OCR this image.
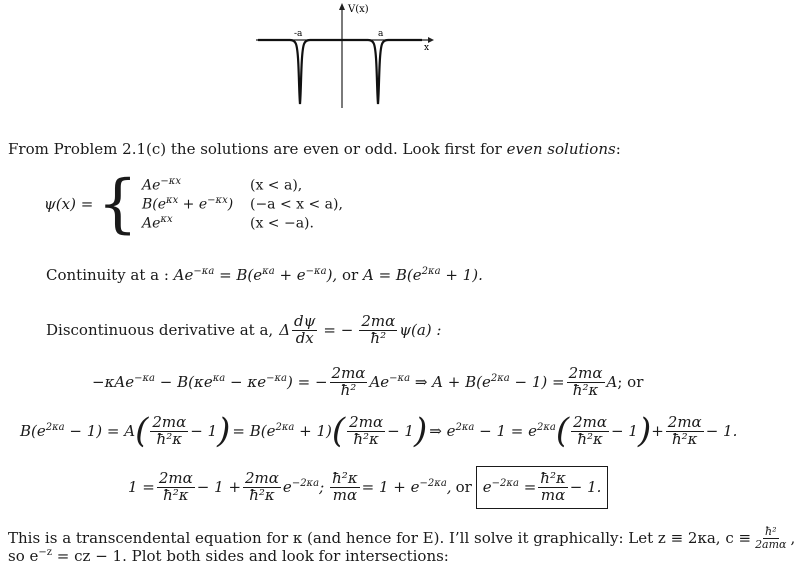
V(x)
x
-a	a
From Problem 2.1(c) the solutions are even or odd. Look first for even solutions:
ψ(x) = { $Ae^{-\kappa x}$	(x < a),
$B(e^{\kappa x} + e^{-\kappa x}) (-a < x < a)$,
$Ae^{\kappa x}$	(x < −a).
Continuity at a : $Ae^{-\kappa a} = B(e^{\kappa a} + e^{-\kappa a})$, or $A = B(e^{2\kappa a} + 1)$.
Discontinuous derivative at a, Δ $\frac{d\psi}{dx}$ = − $\frac{2m\alpha}{\text{ħ²}} \psi(a)$ :
$-\kappa Ae^{-\kappa a} - B(\kappa e^{\kappa a} - \kappa e^{-\kappa a})$ = − $\frac{2m\alpha}{\text{ħ²}} Ae^{-\kappa a}$ ⇒ $A + B(e^{2\kappa a} - 1) = \frac{2m\alpha}{\text{ħ²κ}}$ A ; or
$B(e^{2\kappa a} - 1) = A$ ( $\frac{2m\alpha}{\text{ħ²κ}} - 1$ ) = $B(e^{2\kappa a} + 1)$ ( $\frac{2m\alpha}{\text{ħ²κ}} - 1$ ) ⇒ $e^{2\kappa a} - 1 = e^{2\kappa a}$ ( $\frac{2m\alpha}{\text{ħ²κ}} - 1$ ) + $\frac{2m\alpha}{\text{ħ²κ}} - 1$.
$1 = \frac{2m\alpha}{\text{ħ²κ}} - 1 + \frac{2m\alpha}{\text{ħ²κ}} e^{-2\kappa a}$; $\frac{\text{ħ²κ}}{m\alpha} = 1 + e^{-2\kappa a}$, or $e^{-2\kappa a} = \frac{\text{ħ²κ}}{m\alpha} - 1$.
This is a transcendental equation for κ (and hence for E). I’ll solve it graphically: Let z ≡ 2κa, $c \equiv \frac{\text{ħ²}}{\text{2amα}}$ ,
so $e^{-z}$ = cz − 1. Plot both sides and look for intersections:
